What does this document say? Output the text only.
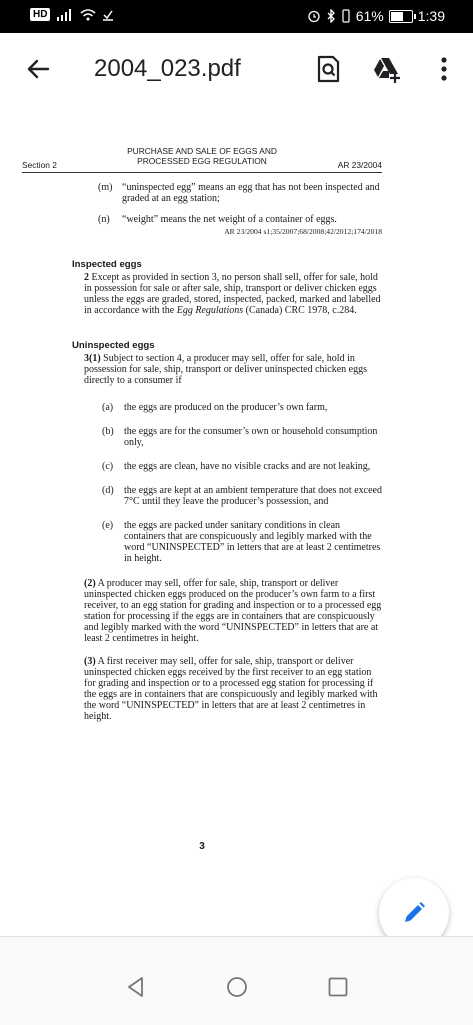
HD	61% 1:39
2004_023.pdf
PURCHASE AND SALE OF EGGS AND
PROCESSED EGG REGULATION
Section 2	AR 23/2004
(m) “uninspected egg” means an egg that has not been inspected and graded at an egg station;
(n) “weight” means the net weight of a container of eggs.
AR 23/2004 s1;35/2007;68/2008;42/2012;174/2018
Inspected eggs
2 Except as provided in section 3, no person shall sell, offer for sale, hold in possession for sale or after sale, ship, transport or deliver chicken eggs unless the eggs are graded, stored, inspected, packed, marked and labelled in accordance with the Egg Regulations (Canada) CRC 1978, c.284.
Uninspected eggs
3(1) Subject to section 4, a producer may sell, offer for sale, hold in possession for sale, ship, transport or deliver uninspected chicken eggs directly to a consumer if
(a) the eggs are produced on the producer’s own farm,
(b) the eggs are for the consumer’s own or household consumption only,
(c) the eggs are clean, have no visible cracks and are not leaking,
(d) the eggs are kept at an ambient temperature that does not exceed 7°C until they leave the producer’s possession, and
(e) the eggs are packed under sanitary conditions in clean containers that are conspicuously and legibly marked with the word “UNINSPECTED” in letters that are at least 2 centimetres in height.
(2) A producer may sell, offer for sale, ship, transport or deliver uninspected chicken eggs produced on the producer’s own farm to a first receiver, to an egg station for grading and inspection or to a processed egg station for processing if the eggs are in containers that are conspicuously and legibly marked with the word “UNINSPECTED” in letters that are at least 2 centimetres in height.
(3) A first receiver may sell, offer for sale, ship, transport or deliver uninspected chicken eggs received by the first receiver to an egg station for grading and inspection or to a processed egg station for processing if the eggs are in containers that are conspicuously and legibly marked with the word “UNINSPECTED” in letters that are at least 2 centimetres in height.
3
